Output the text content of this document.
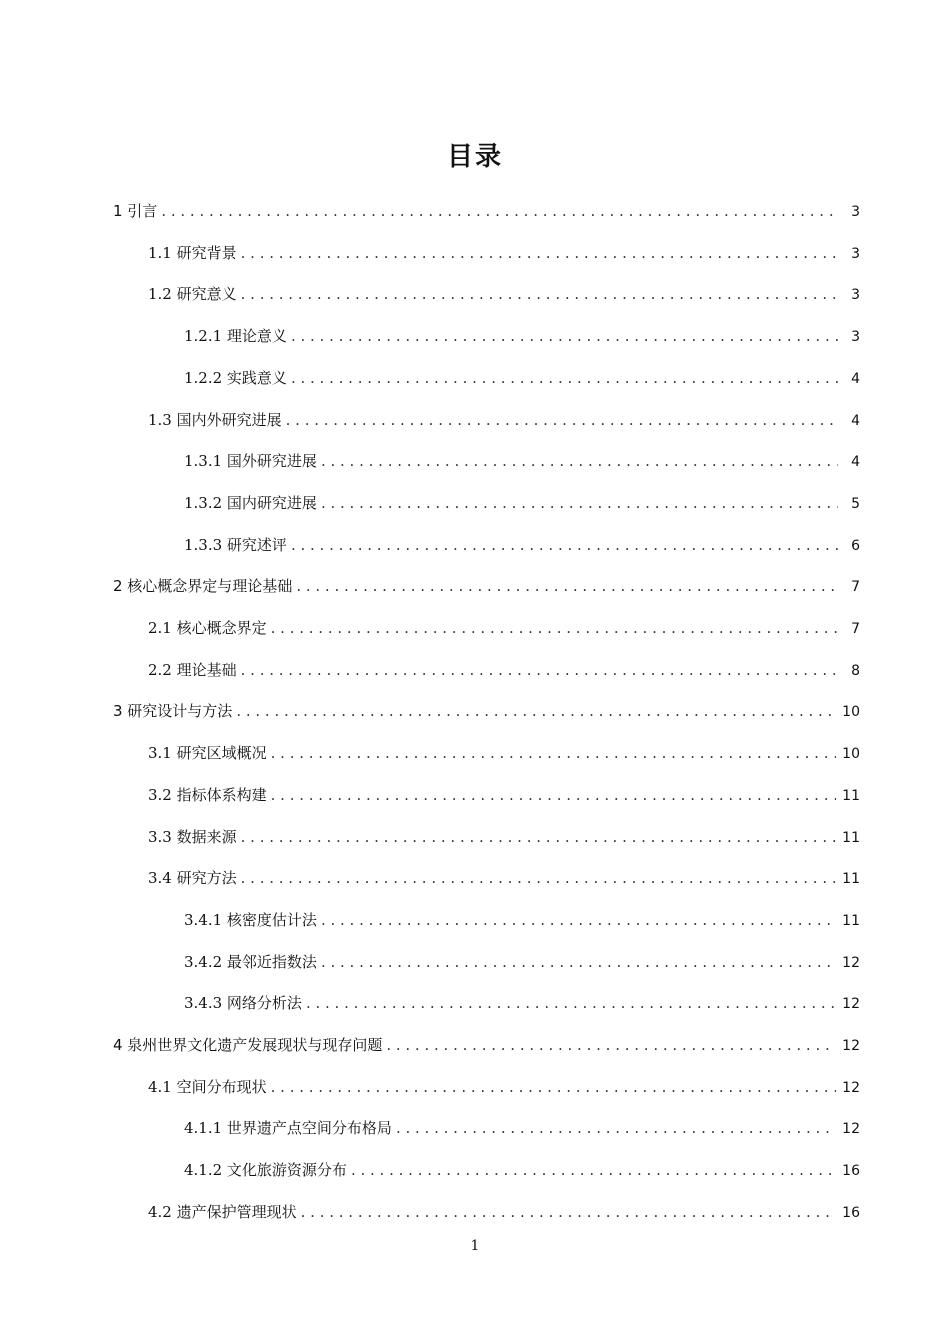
目录
1 引言 . . .	3
1.1 研究背景 . . .	3
1.2 研究意义 . . .	3
1.2.1 理论意义 . . .	3
1.2.2 实践意义 . . .	4
1.3 国内外研究进展 . . .	4
1.3.1 国外研究进展 . . .	4
1.3.2 国内研究进展 . . .	5
1.3.3 研究述评 . . .	6
2 核心概念界定与理论基础 . . .	7
2.1 核心概念界定 . . .	7
2.2 理论基础 . . .	8
3 研究设计与方法 . . .	10
3.1 研究区域概况 . . .	10
3.2 指标体系构建 . . .	11
3.3 数据来源 . . .	11
3.4 研究方法 . . .	11
3.4.1 核密度估计法 . . .	11
3.4.2 最邻近指数法 . . .	12
3.4.3 网络分析法 . . .	12
4 泉州世界文化遗产发展现状与现存问题 . . .	12
4.1 空间分布现状 . . .	12
4.1.1 世界遗产点空间分布格局 . . .	12
4.1.2 文化旅游资源分布 . . .	16
4.2 遗产保护管理现状 . . .	16
1
